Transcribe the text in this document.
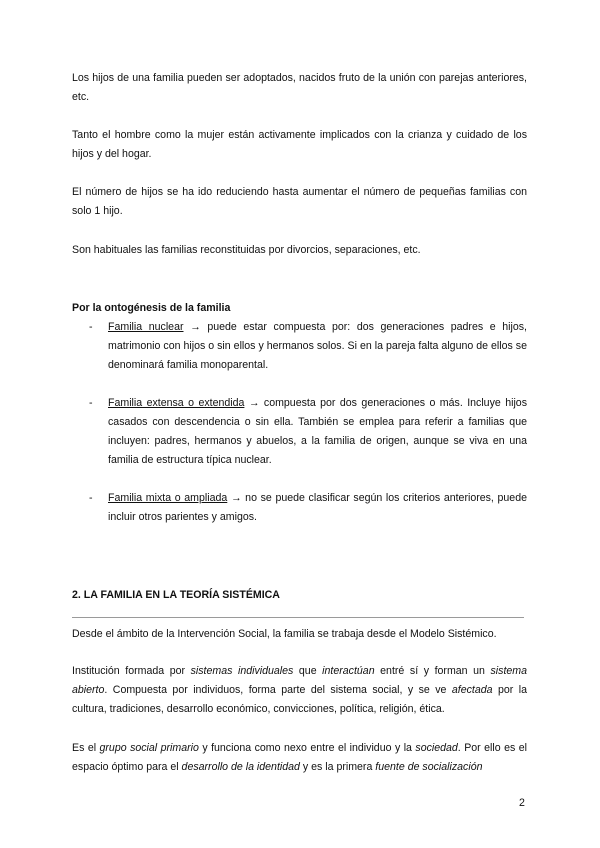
Los hijos de una familia pueden ser adoptados, nacidos fruto de la unión con parejas anteriores, etc.

Tanto el hombre como la mujer están activamente implicados con la crianza y cuidado de los hijos y del hogar.

El número de hijos se ha ido reduciendo hasta aumentar el número de pequeñas familias con solo 1 hijo.

Son habituales las familias reconstituidas por divorcios, separaciones, etc.

Por la ontogénesis de la familia

- Familia nuclear → puede estar compuesta por: dos generaciones padres e hijos, matrimonio con hijos o sin ellos y hermanos solos. Si en la pareja falta alguno de ellos se denominará familia monoparental.
- Familia extensa o extendida → compuesta por dos generaciones o más. Incluye hijos casados con descendencia o sin ella. También se emplea para referir a familias que incluyen: padres, hermanos y abuelos, a la familia de origen, aunque se viva en una familia de estructura típica nuclear.
- Familia mixta o ampliada → no se puede clasificar según los criterios anteriores, puede incluir otros parientes y amigos.

2. LA FAMILIA EN LA TEORÍA SISTÉMICA

Desde el ámbito de la Intervención Social, la familia se trabaja desde el Modelo Sistémico.

Institución formada por sistemas individuales que interactúan entré sí y forman un sistema abierto. Compuesta por individuos, forma parte del sistema social, y se ve afectada por la cultura, tradiciones, desarrollo económico, convicciones, política, religión, ética.

Es el grupo social primario y funciona como nexo entre el individuo y la sociedad. Por ello es el espacio óptimo para el desarrollo de la identidad y es la primera fuente de socialización

2
